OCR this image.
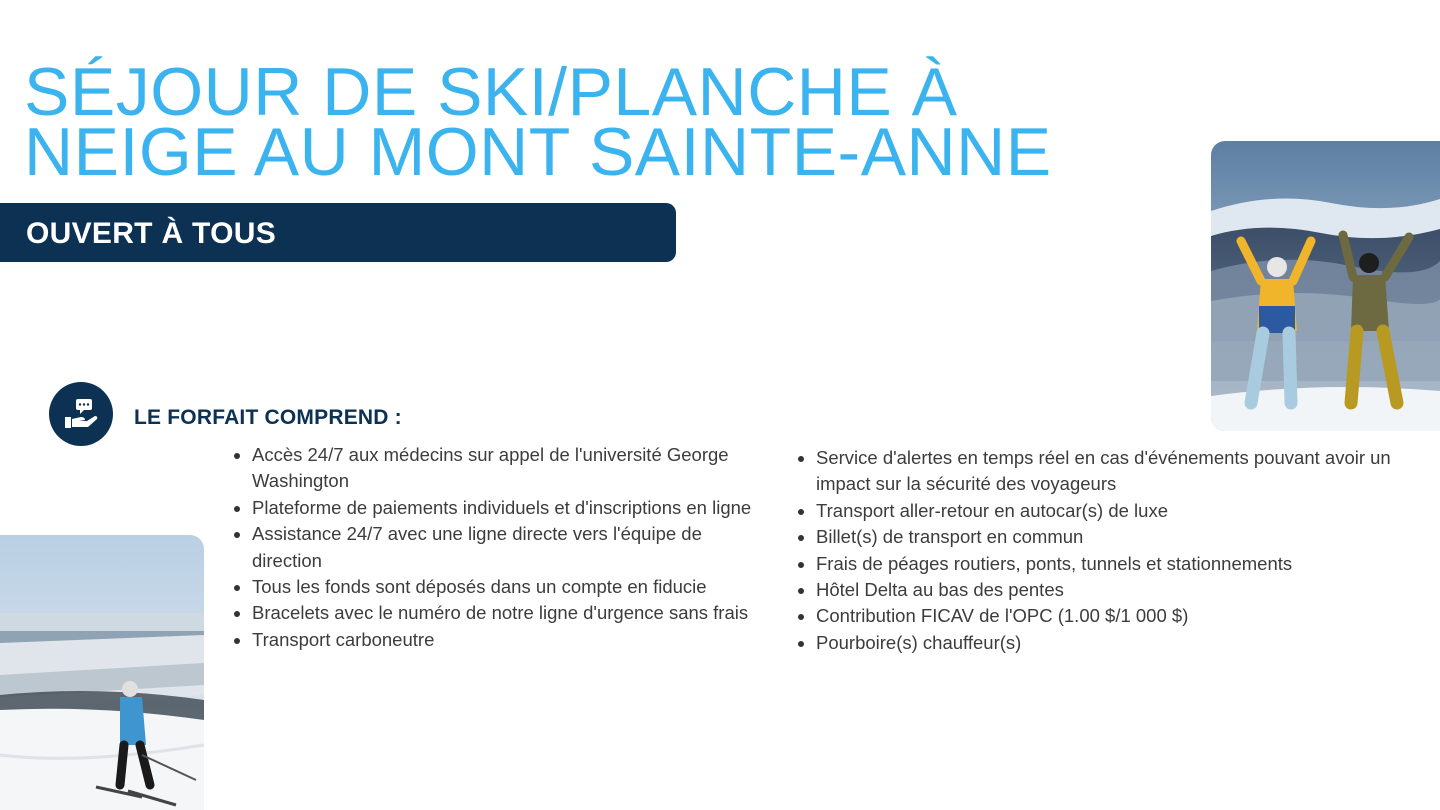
SÉJOUR DE SKI/PLANCHE À
NEIGE AU MONT SAINTE-ANNE
OUVERT À TOUS
LE FORFAIT COMPREND :
Accès 24/7 aux médecins sur appel de l'université George Washington
Plateforme de paiements individuels et d'inscriptions en ligne
Assistance 24/7 avec une ligne directe vers l'équipe de direction
Tous les fonds sont déposés dans un compte en fiducie
Bracelets avec le numéro de notre ligne d'urgence sans frais
Transport carboneutre
Service d'alertes en temps réel en cas d'événements pouvant avoir un impact sur la sécurité des voyageurs
Transport aller-retour en autocar(s) de luxe
Billet(s) de transport en commun
Frais de péages routiers, ponts, tunnels et stationnements
Hôtel Delta au bas des pentes
Contribution FICAV de l'OPC (1.00 $/1 000 $)
Pourboire(s) chauffeur(s)
